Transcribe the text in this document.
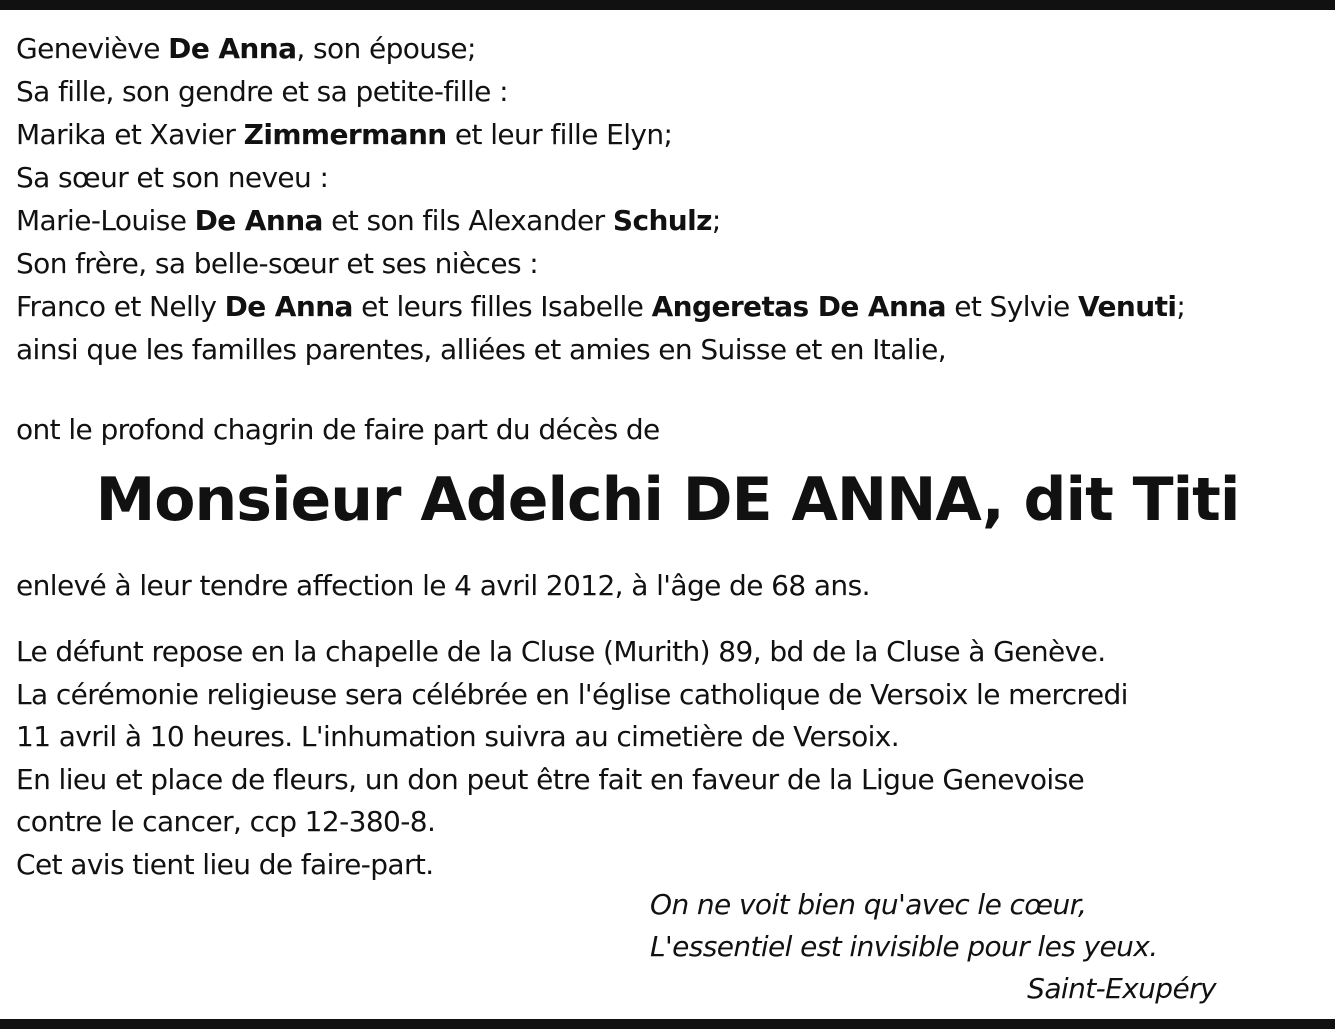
Geneviève De Anna, son épouse;
Sa fille, son gendre et sa petite-fille :
Marika et Xavier Zimmermann et leur fille Elyn;
Sa sœur et son neveu :
Marie-Louise De Anna et son fils Alexander Schulz;
Son frère, sa belle-sœur et ses nièces :
Franco et Nelly De Anna et leurs filles Isabelle Angeretas De Anna et Sylvie Venuti;
ainsi que les familles parentes, alliées et amies en Suisse et en Italie,
ont le profond chagrin de faire part du décès de
Monsieur Adelchi DE ANNA, dit Titi
enlevé à leur tendre affection le 4 avril 2012, à l'âge de 68 ans.
Le défunt repose en la chapelle de la Cluse (Murith) 89, bd de la Cluse à Genève.
La cérémonie religieuse sera célébrée en l'église catholique de Versoix le mercredi
11 avril à 10 heures. L'inhumation suivra au cimetière de Versoix.
En lieu et place de fleurs, un don peut être fait en faveur de la Ligue Genevoise
contre le cancer, ccp 12-380-8.
Cet avis tient lieu de faire-part.
On ne voit bien qu'avec le cœur,
L'essentiel est invisible pour les yeux.
Saint-Exupéry
